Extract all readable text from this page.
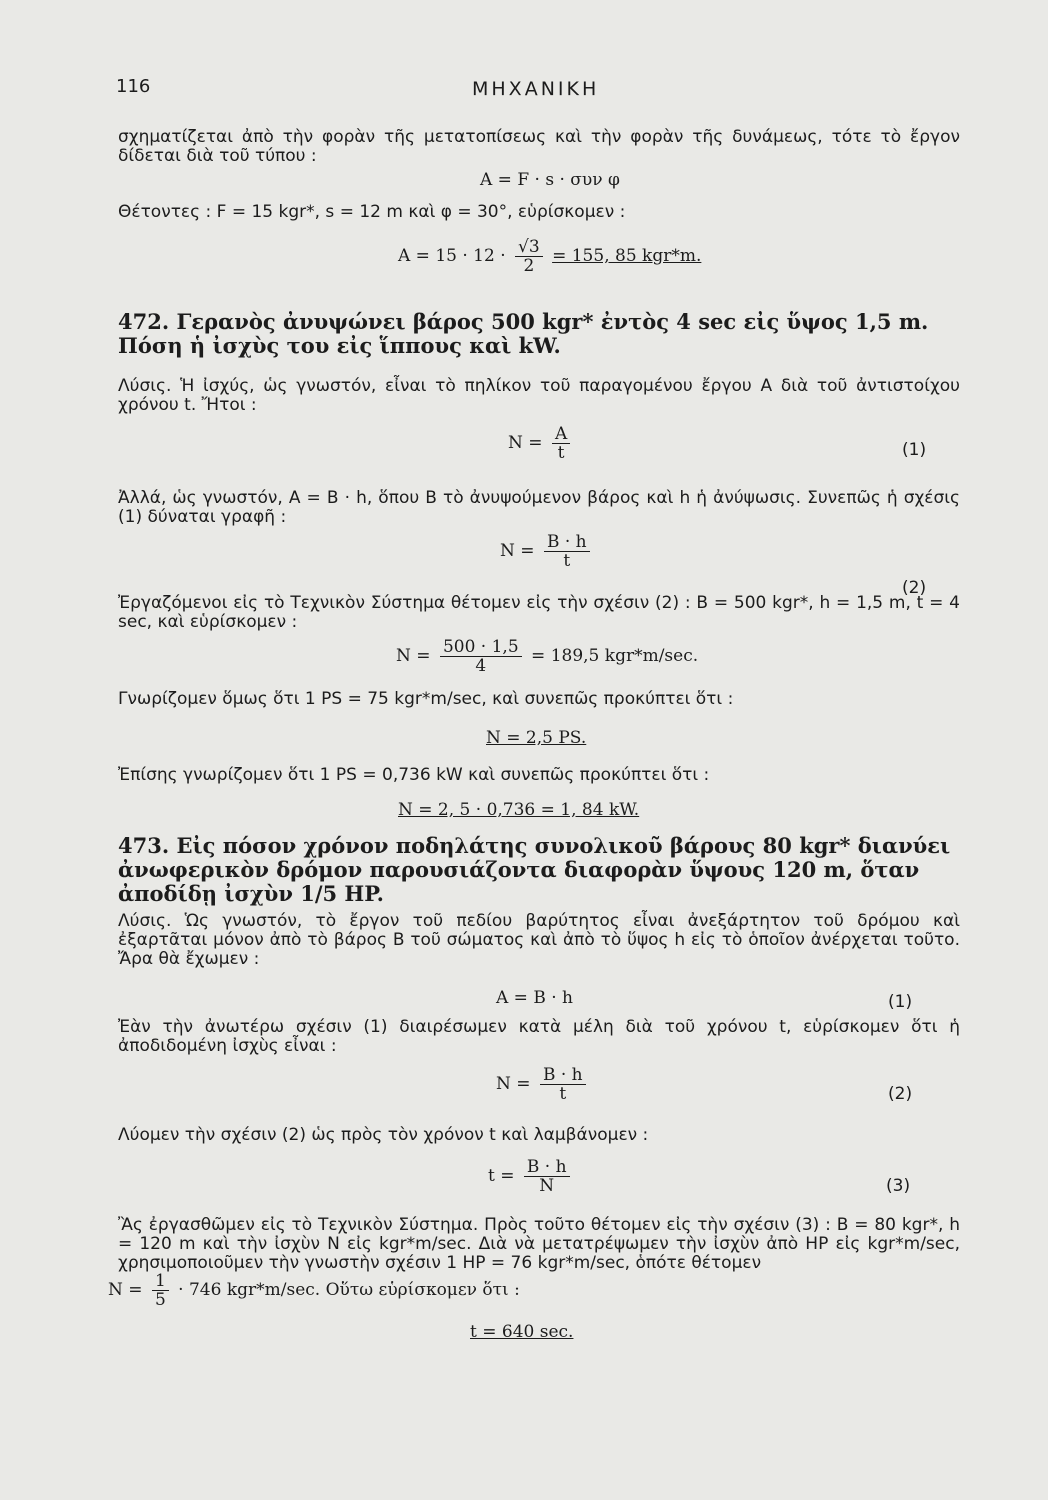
116	ΜΗΧΑΝΙΚΗ
σχηματίζεται ἀπὸ τὴν φορὰν τῆς μετατοπίσεως καὶ τὴν φορὰν τῆς δυνάμεως, τότε τὸ ἔργον δίδεται διὰ τοῦ τύπου :
A = F · s · συν φ
Θέτοντες : F = 15 kgr*, s = 12 m καὶ φ = 30°, εὑρίσκομεν :
$A = 15 \cdot 12 \cdot \frac{√3}{2} = 155$, 85 kgr*m.
472. Γερανὸς ἀνυψώνει βάρος 500 kgr* ἐντὸς 4 sec εἰς ὕψος 1,5 m. Πόση ἡ ἰσχὺς του εἰς ἵππους καὶ kW.
Λύσις. Ἡ ἰσχύς, ὡς γνωστόν, εἶναι τὸ πηλίκον τοῦ παραγομένου ἔργου A διὰ τοῦ ἀντιστοίχου χρόνου t. Ἤτοι :
$N = \frac{A}{t}$	(1)
Ἀλλά, ὡς γνωστόν, A = B · h, ὅπου B τὸ ἀνυψούμενον βάρος καὶ h ἡ ἀνύψωσις. Συνεπῶς ἡ σχέσις (1) δύναται γραφῆ :
$N = \frac{B \cdot h}{t}$
(2)
Ἐργαζόμενοι εἰς τὸ Τεχνικὸν Σύστημα θέτομεν εἰς τὴν σχέσιν (2) : B = 500 kgr*, h = 1,5 m, t = 4 sec, καὶ εὑρίσκομεν :
$N = \frac{500 \cdot 1,5}{4} = 189,5$ kgr*m/sec.
Γνωρίζομεν ὅμως ὅτι 1 PS = 75 kgr*m/sec, καὶ συνεπῶς προκύπτει ὅτι :
N = 2,5 PS.
Ἐπίσης γνωρίζομεν ὅτι 1 PS = 0,736 kW καὶ συνεπῶς προκύπτει ὅτι :
N = 2, 5 · 0,736 = 1, 84 kW.
473. Εἰς πόσον χρόνον ποδηλάτης συνολικοῦ βάρους 80 kgr* διανύει ἀνωφερικὸν δρόμον παρουσιάζοντα διαφορὰν ὕψους 120 m, ὅταν ἀποδίδῃ ἰσχὺν 1/5 HP.
Λύσις. Ὡς γνωστόν, τὸ ἔργον τοῦ πεδίου βαρύτητος εἶναι ἀνεξάρτητον τοῦ δρόμου καὶ ἐξαρτᾶται μόνον ἀπὸ τὸ βάρος B τοῦ σώματος καὶ ἀπὸ τὸ ὕψος h εἰς τὸ ὁποῖον ἀνέρχεται τοῦτο. Ἄρα θὰ ἔχωμεν :
A = B · h	(1)
Ἐὰν τὴν ἀνωτέρω σχέσιν (1) διαιρέσωμεν κατὰ μέλη διὰ τοῦ χρόνου t, εὑρίσκομεν ὅτι ἡ ἀποδιδομένη ἰσχὺς εἶναι :
$N = \frac{B \cdot h}{t}$	(2)
Λύομεν τὴν σχέσιν (2) ὡς πρὸς τὸν χρόνον t καὶ λαμβάνομεν :
$t = \frac{B \cdot h}{N}$	(3)
Ἂς ἐργασθῶμεν εἰς τὸ Τεχνικὸν Σύστημα. Πρὸς τοῦτο θέτομεν εἰς τὴν σχέσιν (3) : B = 80 kgr*, h = 120 m καὶ τὴν ἰσχὺν N εἰς kgr*m/sec. Διὰ νὰ μετατρέψωμεν τὴν ἰσχὺν ἀπὸ HP εἰς kgr*m/sec, χρησιμοποιοῦμεν τὴν γνωστὴν σχέσιν 1 HP = 76 kgr*m/sec, ὁπότε θέτομεν
$N = \frac{1}{5} \cdot 746$ kgr*m/sec. Οὕτω εὑρίσκομεν ὅτι :
t = 640 sec.
